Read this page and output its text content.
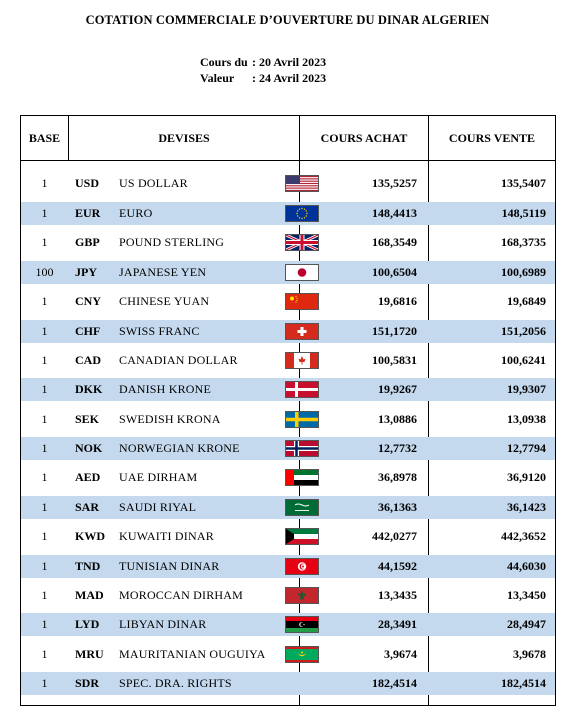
COTATION COMMERCIALE D’OUVERTURE DU DINAR ALGERIEN
Cours du : 20 Avril 2023
Valeur : 24 Avril 2023
BASE	DEVISES	COURS ACHAT	COURS VENTE
1	USD	US DOLLAR	135,5257	135,5407
1	EUR	EURO	148,4413	148,5119
1	GBP	POUND STERLING	168,3549	168,3735
100	JPY	JAPANESE YEN	100,6504	100,6989
1	CNY	CHINESE YUAN	19,6816	19,6849
1	CHF	SWISS FRANC	151,1720	151,2056
1	CAD	CANADIAN DOLLAR	100,5831	100,6241
1	DKK	DANISH KRONE	19,9267	19,9307
1	SEK	SWEDISH KRONA	13,0886	13,0938
1	NOK	NORWEGIAN KRONE	12,7732	12,7794
1	AED	UAE DIRHAM	36,8978	36,9120
1	SAR	SAUDI RIYAL	36,1363	36,1423
1	KWD	KUWAITI DINAR	442,0277	442,3652
1	TND	TUNISIAN DINAR	44,1592	44,6030
1	MAD	MOROCCAN DIRHAM	13,3435	13,3450
1	LYD	LIBYAN DINAR	28,3491	28,4947
1	MRU	MAURITANIAN OUGUIYA	3,9674	3,9678
1	SDR	SPEC. DRA. RIGHTS	182,4514	182,4514
